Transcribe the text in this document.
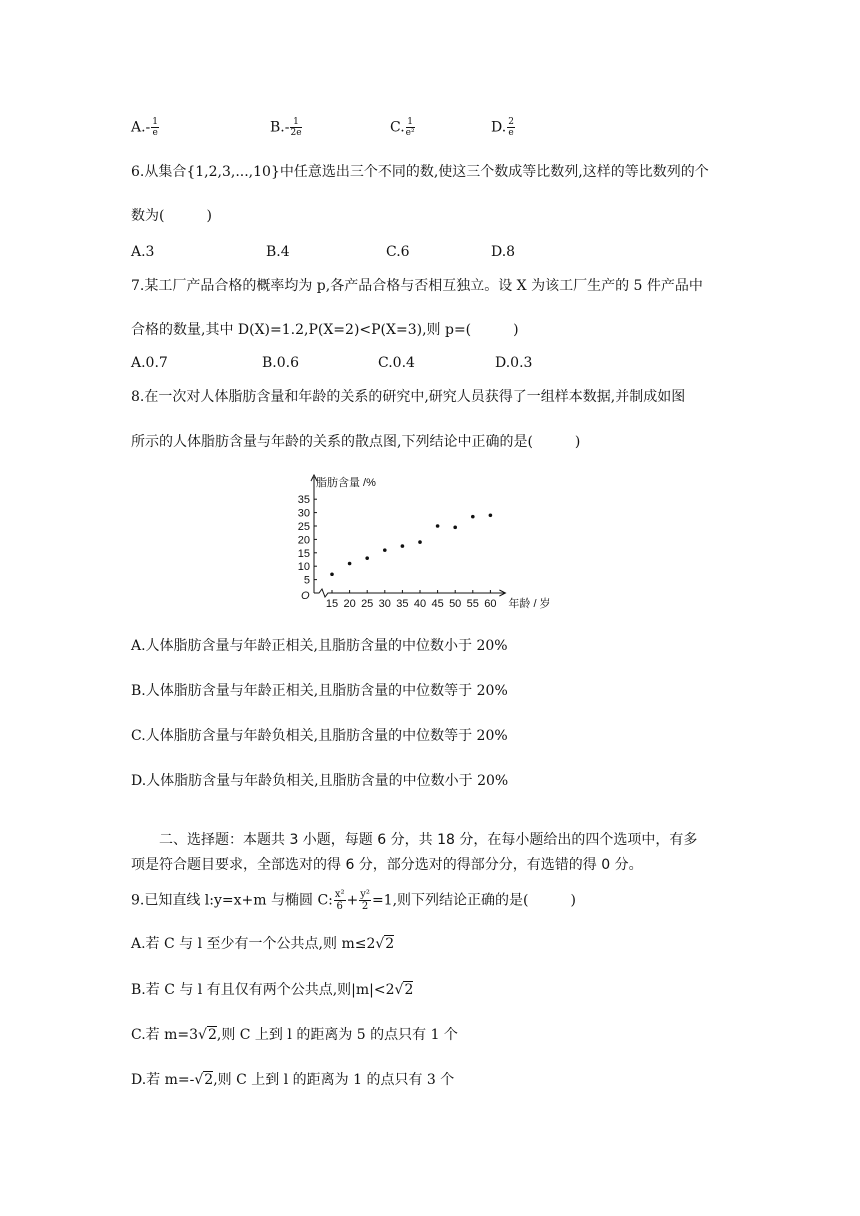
$A.- \frac{1}{e}$	$B.- \frac{1}{2e}$	C. $\frac{1}{\text{e²}}$	D. $\frac{2}{e}$
6.从集合{1,2,3,...,10}中任意选出三个不同的数,使这三个数成等比数列,这样的等比数列的个
数为(　　　)
A.3	B.4	C.6	D.8
7.某工厂产品合格的概率均为 p,各产品合格与否相互独立。设 X 为该工厂生产的 5 件产品中
合格的数量,其中 D(X)=1.2,P(X=2)<P(X=3),则 p=(　　　)
A.0.7	B.0.6	C.0.4	D.0.3
8.在一次对人体脂肪含量和年龄的关系的研究中,研究人员获得了一组样本数据,并制成如图
所示的人体脂肪含量与年龄的关系的散点图,下列结论中正确的是(　　　)
O
5
10
15
20
25
30
35
15 20 25 30 35 40 45 50 55 60
脂肪含量 /%
年龄 / 岁
A.人体脂肪含量与年龄正相关,且脂肪含量的中位数小于 20%
B.人体脂肪含量与年龄正相关,且脂肪含量的中位数等于 20%
C.人体脂肪含量与年龄负相关,且脂肪含量的中位数等于 20%
D.人体脂肪含量与年龄负相关,且脂肪含量的中位数小于 20%
　　二、选择题：本题共 3 小题，每题 6 分，共 18 分，在每小题给出的四个选项中，有多
项是符合题目要求，全部选对的得 6 分，部分选对的得部分分，有选错的得 0 分。
9.已知直线 l:y=x+m 与椭圆 C: $\frac{\text{x²}}{6} + \frac{\text{y²}}{2} =1$,则下列结论正确的是(　　　)
A.若 C 与 l 至少有一个公共点,则 m≤2√2
B.若 C 与 l 有且仅有两个公共点,则|m|<2√2
C.若 m=3√2,则 C 上到 l 的距离为 5 的点只有 1 个
D.若 m=-√2,则 C 上到 l 的距离为 1 的点只有 3 个
